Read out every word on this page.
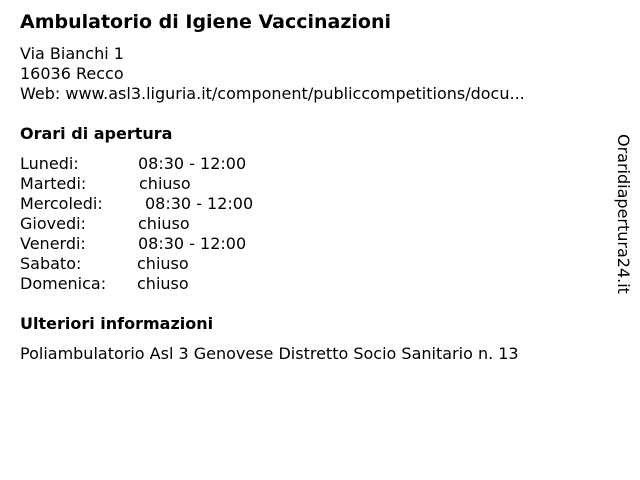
Ambulatorio di Igiene Vaccinazioni
Via Bianchi 1
16036 Recco
Web: www.asl3.liguria.it/component/publiccompetitions/docu...
Orari di apertura
Lunedi:	08:30 - 12:00
Martedi:	chiuso
Mercoledi:	08:30 - 12:00
Giovedi:	chiuso
Venerdi:	08:30 - 12:00
Sabato:	chiuso
Domenica: chiuso
Ulteriori informazioni
Poliambulatorio Asl 3 Genovese Distretto Socio Sanitario n. 13
Oraridiapertura24.it
